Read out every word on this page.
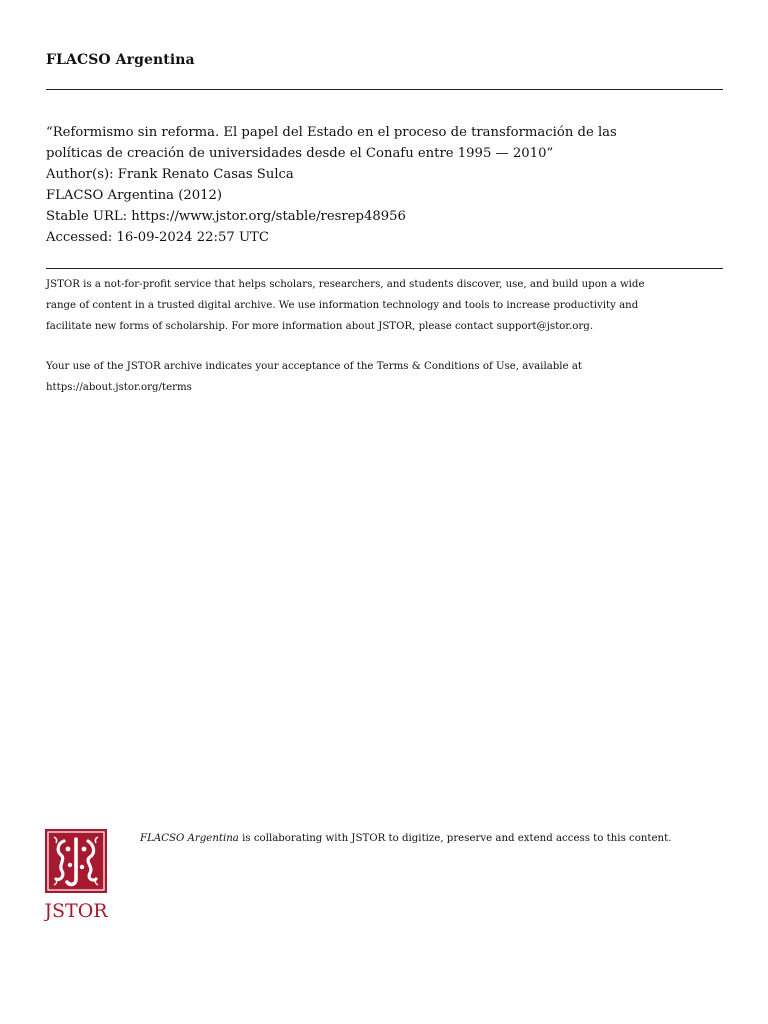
FLACSO Argentina
“Reformismo sin reforma. El papel del Estado en el proceso de transformación de las
políticas de creación de universidades desde el Conafu entre 1995 — 2010”
Author(s): Frank Renato Casas Sulca
FLACSO Argentina (2012)
Stable URL: https://www.jstor.org/stable/resrep48956
Accessed: 16-09-2024 22:57 UTC
JSTOR is a not-for-profit service that helps scholars, researchers, and students discover, use, and build upon a wide
range of content in a trusted digital archive. We use information technology and tools to increase productivity and
facilitate new forms of scholarship. For more information about JSTOR, please contact support@jstor.org.
Your use of the JSTOR archive indicates your acceptance of the Terms & Conditions of Use, available at
https://about.jstor.org/terms
JSTOR
FLACSO Argentina is collaborating with JSTOR to digitize, preserve and extend access to this content.
